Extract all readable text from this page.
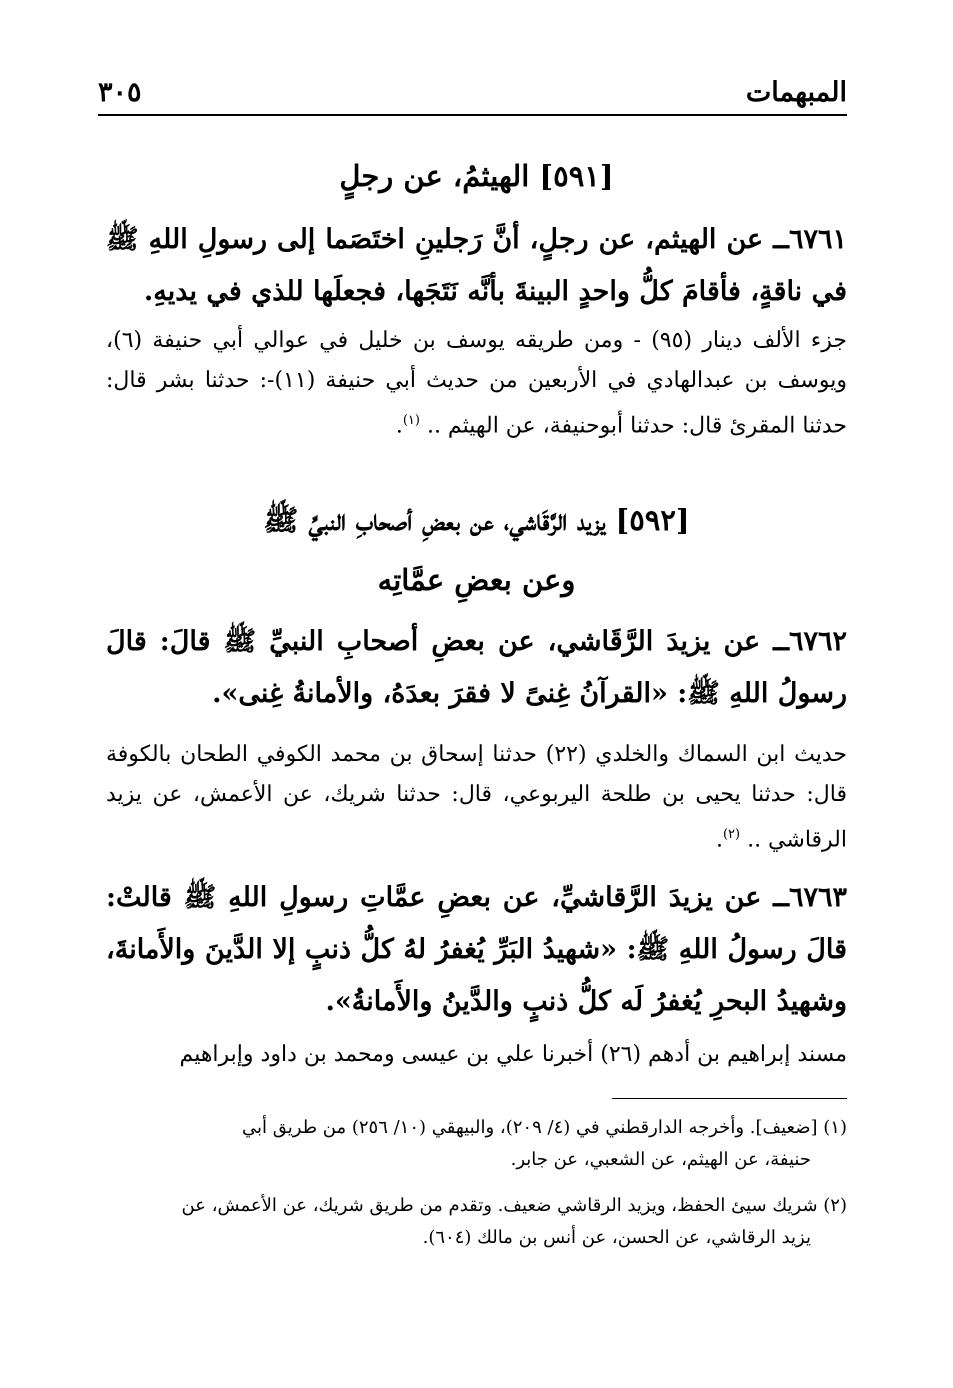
المبهمات
٣٠٥
[٥٩١] الهيثمُ، عن رجلٍ
٦٧٦١ــ عن الهيثم، عن رجلٍ، أنَّ رَجلينِ اختَصَما إلى رسولِ اللهِ ﷺ في ناقةٍ، فأقامَ كلُّ واحدٍ البينةَ بأنَّه نَتَجَها، فجعلَها للذي في يديهِ.
جزء الألف دينار (٩٥) - ومن طريقه يوسف بن خليل في عوالي أبي حنيفة (٦)، ويوسف بن عبدالهادي في الأربعين من حديث أبي حنيفة (١١)-: حدثنا بشر قال: حدثنا المقرئ قال: حدثنا أبوحنيفة، عن الهيثم .. $^{(١)}$.
[٥٩٢] يزيد الرَّقَاشي، عن بعضِ أصحابِ النبيِّ ﷺ
وعن بعضِ عمَّاتِه
٦٧٦٢ــ عن يزيدَ الرَّقَاشي، عن بعضِ أصحابِ النبيِّ ﷺ قالَ: قالَ رسولُ اللهِ ﷺ: «القرآنُ غِنىً لا فقرَ بعدَهُ، والأمانةُ غِنى».
حديث ابن السماك والخلدي (٢٢) حدثنا إسحاق بن محمد الكوفي الطحان بالكوفة قال: حدثنا يحيى بن طلحة اليربوعي، قال: حدثنا شريك، عن الأعمش، عن يزيد الرقاشي .. $^{(٢)}$.
٦٧٦٣ــ عن يزيدَ الرَّقاشيِّ، عن بعضِ عمَّاتِ رسولِ اللهِ ﷺ قالتْ: قالَ رسولُ اللهِ ﷺ: «شهيدُ البَرِّ يُغفرُ لهُ كلُّ ذنبٍ إلا الدَّينَ والأَمانةَ، وشهيدُ البحرِ يُغفرُ لَه كلُّ ذنبٍ والدَّينُ والأَمانةُ».
مسند إبراهيم بن أدهم (٢٦) أخبرنا علي بن عيسى ومحمد بن داود وإبراهيم
(١) [ضعيف]. وأخرجه الدارقطني في (٤/ ٢٠٩)، والبيهقي (١٠/ ٢٥٦) من طريق أبي
حنيفة، عن الهيثم، عن الشعبي، عن جابر.
(٢) شريك سيئ الحفظ، ويزيد الرقاشي ضعيف. وتقدم من طريق شريك، عن الأعمش، عن
يزيد الرقاشي، عن الحسن، عن أنس بن مالك (٦٠٤).
